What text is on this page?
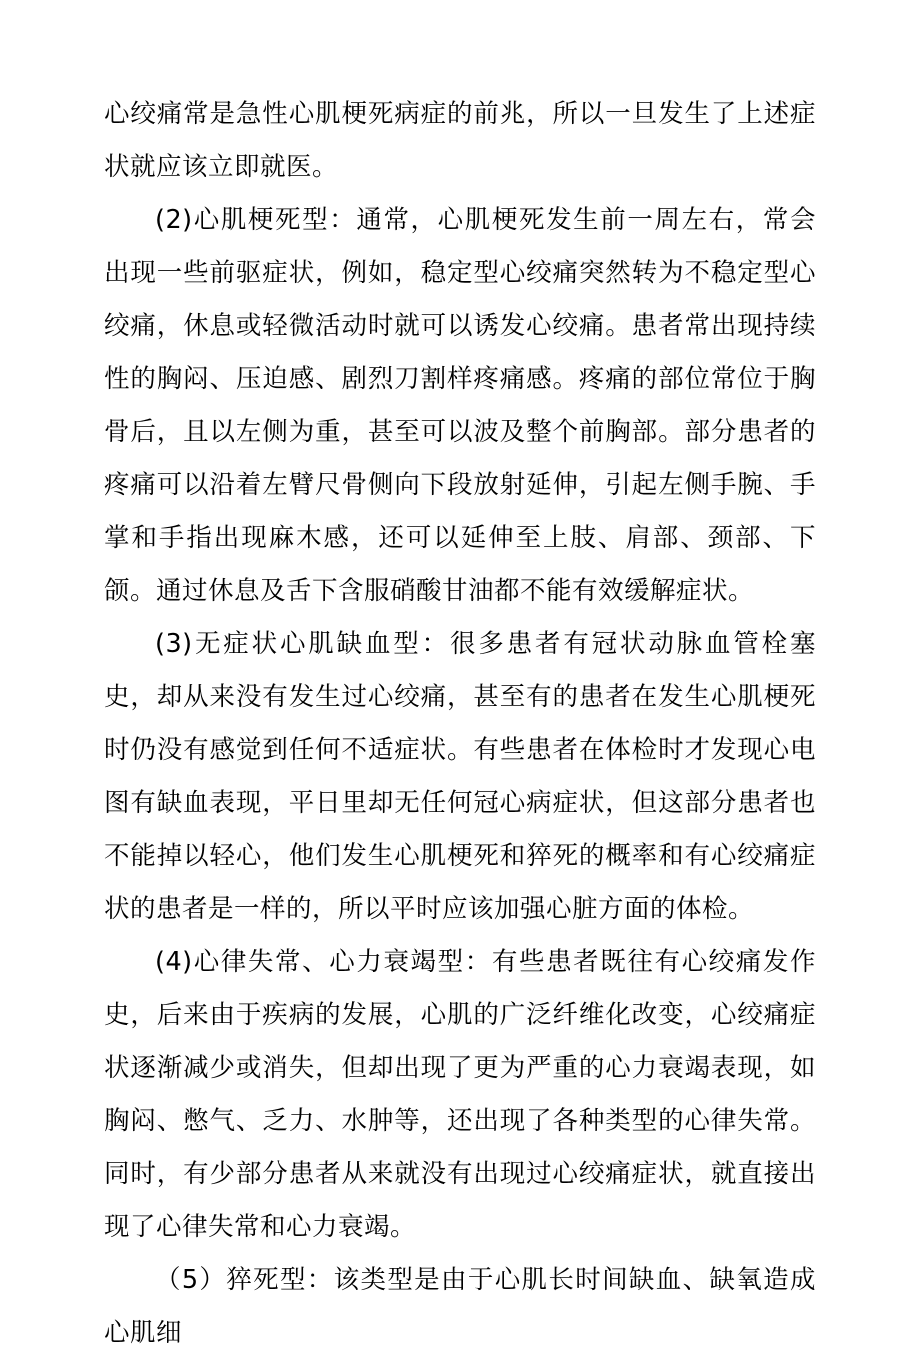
心绞痛常是急性心肌梗死病症的前兆，所以一旦发生了上述症状就应该立即就医。

(2)心肌梗死型：通常，心肌梗死发生前一周左右，常会出现一些前驱症状，例如，稳定型心绞痛突然转为不稳定型心绞痛，休息或轻微活动时就可以诱发心绞痛。患者常出现持续性的胸闷、压迫感、剧烈刀割样疼痛感。疼痛的部位常位于胸骨后，且以左侧为重，甚至可以波及整个前胸部。部分患者的疼痛可以沿着左臂尺骨侧向下段放射延伸，引起左侧手腕、手掌和手指出现麻木感，还可以延伸至上肢、肩部、颈部、下颌。通过休息及舌下含服硝酸甘油都不能有效缓解症状。

(3)无症状心肌缺血型：很多患者有冠状动脉血管栓塞史，却从来没有发生过心绞痛，甚至有的患者在发生心肌梗死时仍没有感觉到任何不适症状。有些患者在体检时才发现心电图有缺血表现，平日里却无任何冠心病症状，但这部分患者也不能掉以轻心，他们发生心肌梗死和猝死的概率和有心绞痛症状的患者是一样的，所以平时应该加强心脏方面的体检。

(4)心律失常、心力衰竭型：有些患者既往有心绞痛发作史，后来由于疾病的发展，心肌的广泛纤维化改变，心绞痛症状逐渐减少或消失，但却出现了更为严重的心力衰竭表现，如胸闷、憋气、乏力、水肿等，还出现了各种类型的心律失常。同时，有少部分患者从来就没有出现过心绞痛症状，就直接出现了心律失常和心力衰竭。

（5）猝死型：该类型是由于心肌长时间缺血、缺氧造成心肌细
